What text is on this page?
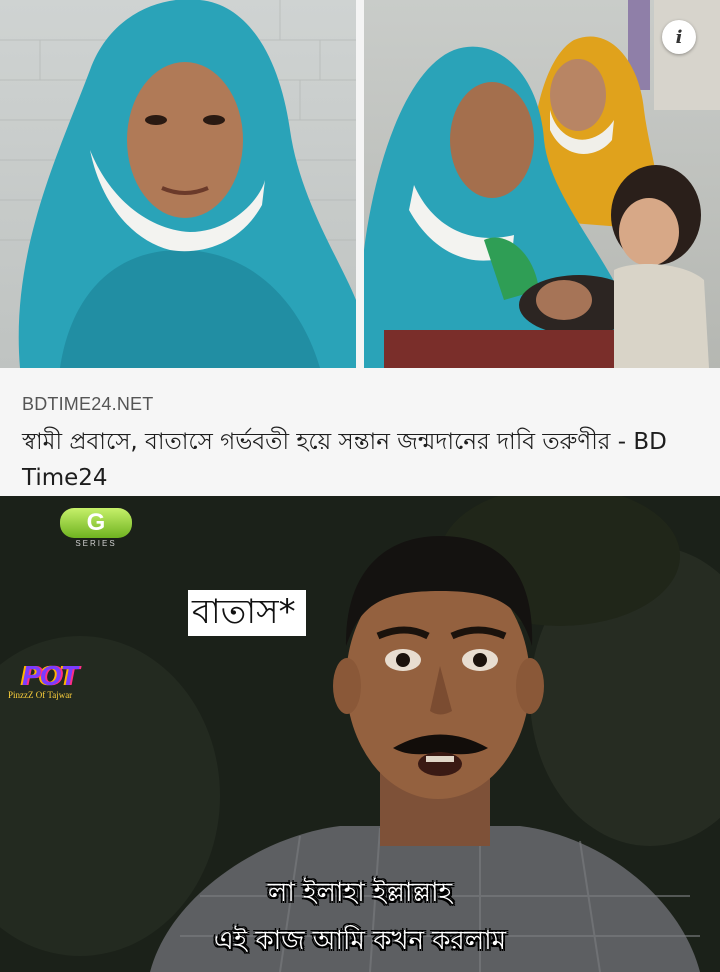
i
BDTIME24.NET

স্বামী প্রবাসে, বাতাসে গর্ভবতী হয়ে সন্তান জন্মদানের দাবি তরুণীর - BD Time24

G
SERIES
বাতাস*
POT
PinzzZ Of Tajwar
লা ইলাহা ইল্লাল্লাহ
এই কাজ আমি কখন করলাম
